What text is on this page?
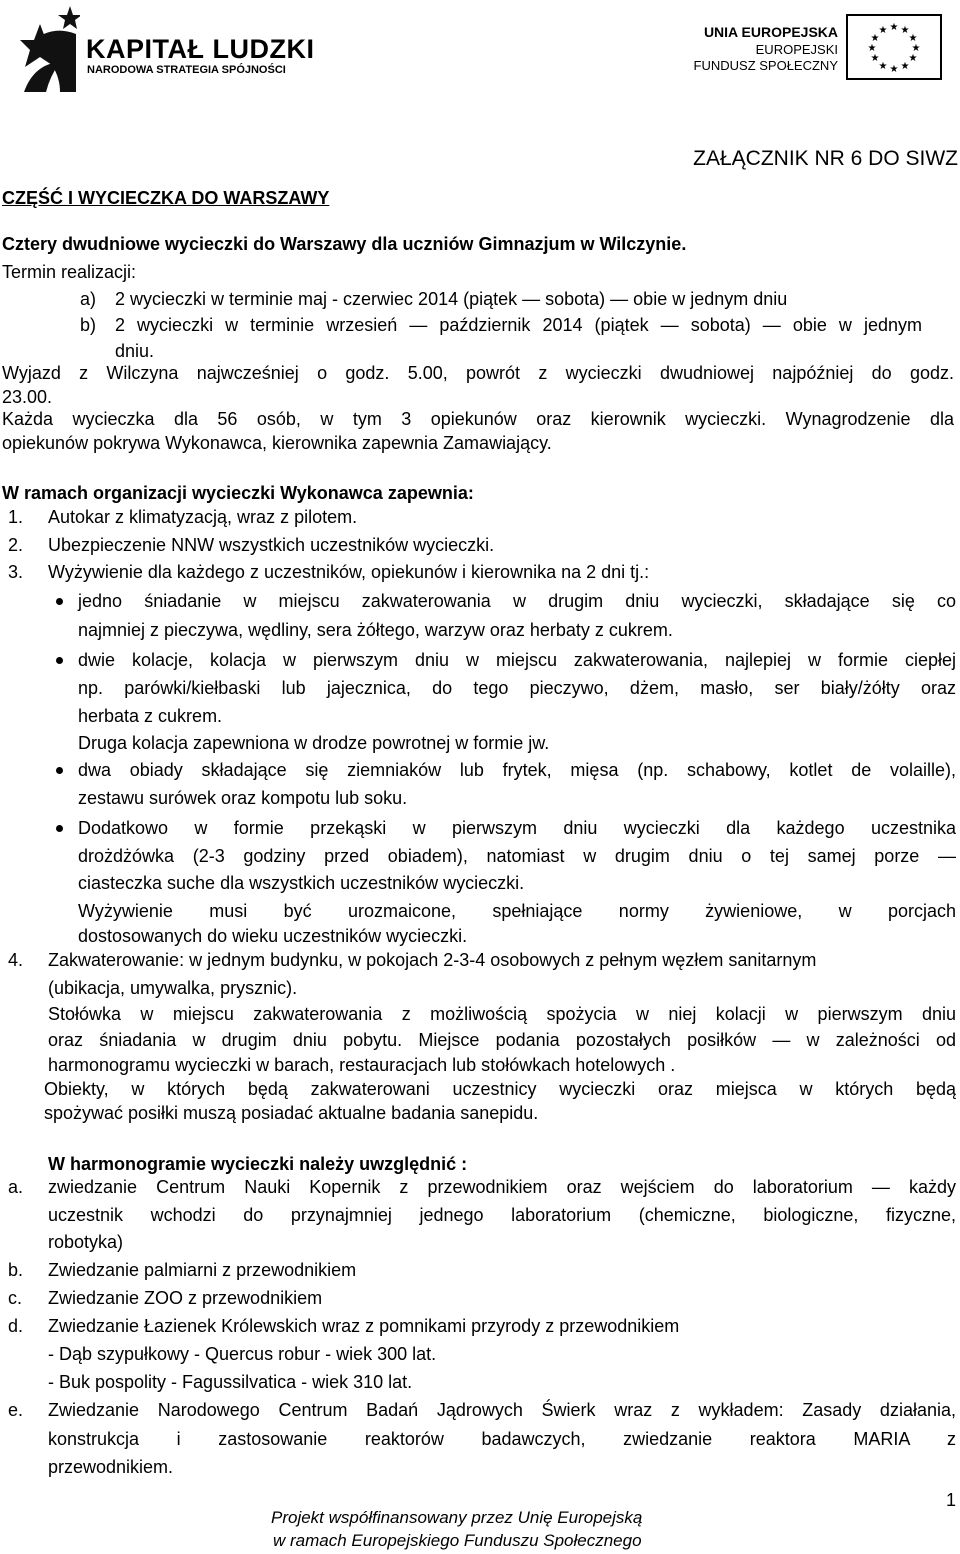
KAPITAŁ LUDZKI
NARODOWA STRATEGIA SPÓJNOŚCI
UNIA EUROPEJSKA
EUROPEJSKI
FUNDUSZ SPOŁECZNY
★ ★
★
★
★
★
★
★
★
★
★
★
ZAŁĄCZNIK NR 6 DO SIWZ
CZĘŚĆ I WYCIECZKA DO WARSZAWY
Cztery dwudniowe wycieczki do Warszawy dla uczniów Gimnazjum w Wilczynie.
Termin realizacji:
a) 2 wycieczki w terminie maj - czerwiec 2014 (piątek — sobota) — obie w jednym dniu
b) 2 wycieczki w terminie wrzesień — październik 2014 (piątek — sobota) — obie w jednym
dniu.
Wyjazd z Wilczyna najwcześniej o godz. 5.00, powrót z wycieczki dwudniowej najpóźniej do godz.
23.00.
Każda wycieczka dla 56 osób, w tym 3 opiekunów oraz kierownik wycieczki. Wynagrodzenie dla
opiekunów pokrywa Wykonawca, kierownika zapewnia Zamawiający.
W ramach organizacji wycieczki Wykonawca zapewnia:
1. Autokar z klimatyzacją, wraz z pilotem.
2. Ubezpieczenie NNW wszystkich uczestników wycieczki.
3. Wyżywienie dla każdego z uczestników, opiekunów i kierownika na 2 dni tj.:
jedno śniadanie w miejscu zakwaterowania w drugim dniu wycieczki, składające się co
najmniej z pieczywa, wędliny, sera żółtego, warzyw oraz herbaty z cukrem.
dwie kolacje, kolacja w pierwszym dniu w miejscu zakwaterowania, najlepiej w formie ciepłej
np. parówki/kiełbaski lub jajecznica, do tego pieczywo, dżem, masło, ser biały/żółty oraz
herbata z cukrem.
Druga kolacja zapewniona w drodze powrotnej w formie jw.
dwa obiady składające się ziemniaków lub frytek, mięsa (np. schabowy, kotlet de volaille),
zestawu surówek oraz kompotu lub soku.
Dodatkowo w formie przekąski w pierwszym dniu wycieczki dla każdego uczestnika
drożdżówka (2-3 godziny przed obiadem), natomiast w drugim dniu o tej samej porze —
ciasteczka suche dla wszystkich uczestników wycieczki.
Wyżywienie musi być urozmaicone, spełniające normy żywieniowe, w porcjach
dostosowanych do wieku uczestników wycieczki.
4. Zakwaterowanie: w jednym budynku, w pokojach 2-3-4 osobowych z pełnym węzłem sanitarnym
(ubikacja, umywalka, prysznic).
Stołówka w miejscu zakwaterowania z możliwością spożycia w niej kolacji w pierwszym dniu
oraz śniadania w drugim dniu pobytu. Miejsce podania pozostałych posiłków — w zależności od
harmonogramu wycieczki w barach, restauracjach lub stołówkach hotelowych .
Obiekty, w których będą zakwaterowani uczestnicy wycieczki oraz miejsca w których będą
spożywać posiłki muszą posiadać aktualne badania sanepidu.
W harmonogramie wycieczki należy uwzględnić :
a. zwiedzanie Centrum Nauki Kopernik z przewodnikiem oraz wejściem do laboratorium — każdy
uczestnik wchodzi do przynajmniej jednego laboratorium (chemiczne, biologiczne, fizyczne,
robotyka)
b. Zwiedzanie palmiarni z przewodnikiem
c. Zwiedzanie ZOO z przewodnikiem
d. Zwiedzanie Łazienek Królewskich wraz z pomnikami przyrody z przewodnikiem
- Dąb szypułkowy - Quercus robur - wiek 300 lat.
- Buk pospolity - Fagussilvatica - wiek 310 lat.
e. Zwiedzanie Narodowego Centrum Badań Jądrowych Świerk wraz z wykładem: Zasady działania,
konstrukcja i zastosowanie reaktorów badawczych, zwiedzanie reaktora MARIA z
przewodnikiem.
1
Projekt współfinansowany przez Unię Europejską
w ramach Europejskiego Funduszu Społecznego
